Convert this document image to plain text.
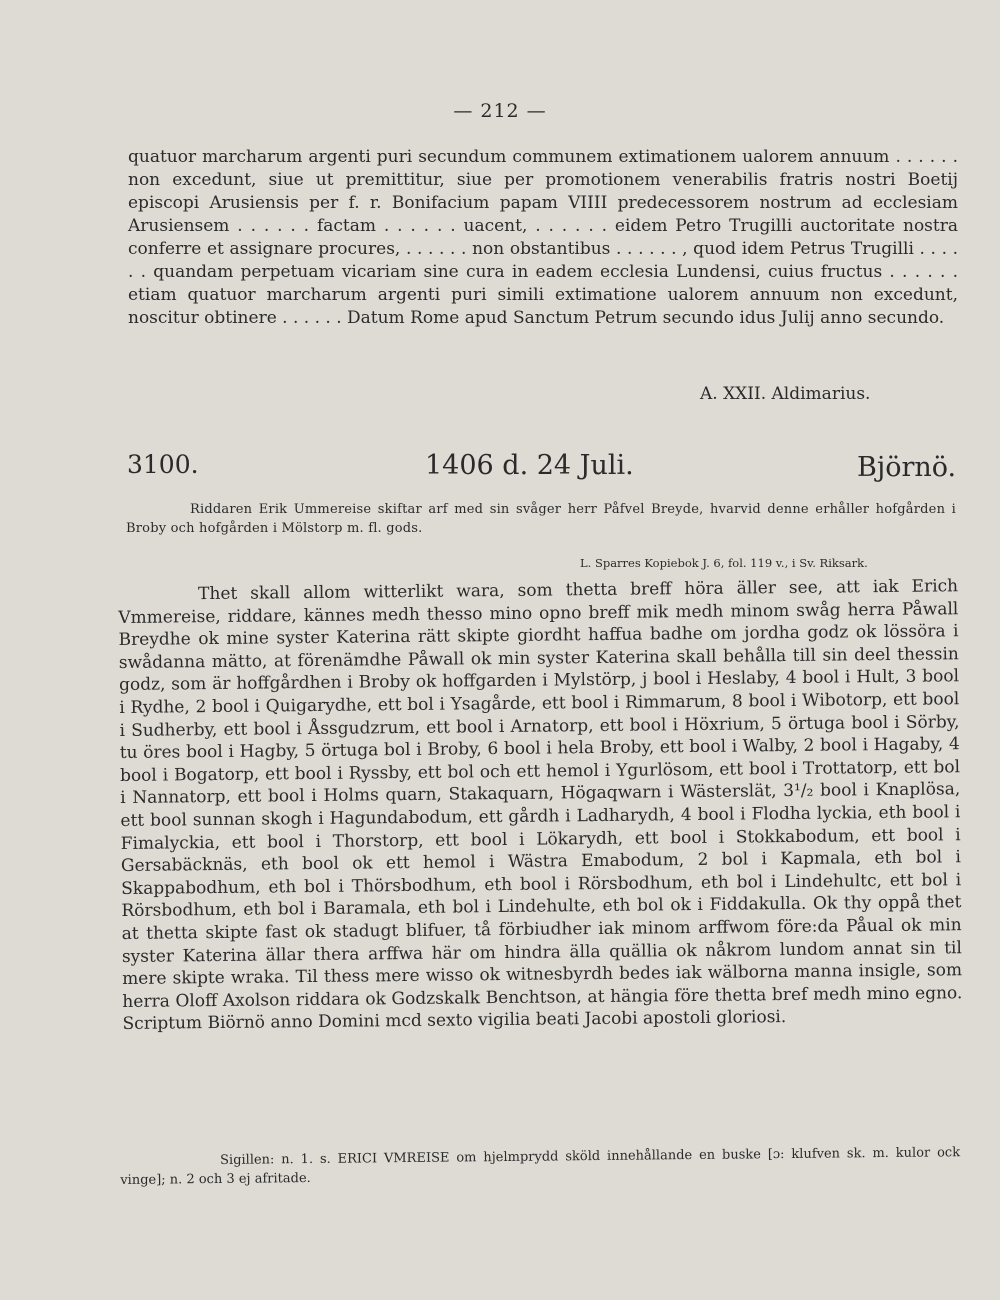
— 212 —

quatuor marcharum argenti puri secundum communem extimationem ualorem annuum . . . . . . non excedunt, siue ut premittitur, siue per promotionem venerabilis fratris nostri Boetij episcopi Arusiensis per f. r. Bonifacium papam VIIII predecessorem nostrum ad ecclesiam Arusiensem . . . . . . factam . . . . . . uacent, . . . . . . eidem Petro Trugilli auctoritate nostra conferre et assignare procures, . . . . . . non obstantibus . . . . . . , quod idem Petrus Trugilli . . . . . . quandam perpetuam vicariam sine cura in eadem ecclesia Lundensi, cuius fructus . . . . . . etiam quatuor marcharum argenti puri simili extimatione ualorem annuum non excedunt, noscitur obtinere . . . . . . Datum Rome apud Sanctum Petrum secundo idus Julij anno secundo.

A. XXII. Aldimarius.
3100.	1406 d. 24 Juli.	Björnö.
Riddaren Erik Ummereise skiftar arf med sin svåger herr Påfvel Breyde, hvarvid denne erhåller hofgården i Broby och hofgården i Mölstorp m. fl. gods.
L. Sparres Kopiebok J. 6, fol. 119 v., i Sv. Riksark.

Thet skall allom witterlikt wara, som thetta breff höra äller see, att iak Erich Vmmereise, riddare, kännes medh thesso mino opno breff mik medh minom swåg herra Påwall Breydhe ok mine syster Katerina rätt skipte giordht haffua badhe om jordha godz ok lössöra i swådanna mätto, at förenämdhe Påwall ok min syster Katerina skall behålla till sin deel thessin godz, som är hoffgårdhen i Broby ok hoffgarden i Mylstörp, j bool i Heslaby, 4 bool i Hult, 3 bool i Rydhe, 2 bool i Quigarydhe, ett bol i Ysagårde, ett bool i Rimmarum, 8 bool i Wibotorp, ett bool i Sudherby, ett bool i Åssgudzrum, ett bool i Arnatorp, ett bool i Höxrium, 5 örtuga bool i Sörby, tu öres bool i Hagby, 5 örtuga bol i Broby, 6 bool i hela Broby, ett bool i Walby, 2 bool i Hagaby, 4 bool i Bogatorp, ett bool i Ryssby, ett bol och ett hemol i Ygurlösom, ett bool i Trottatorp, ett bol i Nannatorp, ett bool i Holms quarn, Stakaquarn, Högaqwarn i Wästerslät, 3¹/₂ bool i Knaplösa, ett bool sunnan skogh i Hagundabodum, ett gårdh i Ladharydh, 4 bool i Flodha lyckia, eth bool i Fimalyckia, ett bool i Thorstorp, ett bool i Lökarydh, ett bool i Stokkabodum, ett bool i Gersabäcknäs, eth bool ok ett hemol i Wästra Emabodum, 2 bol i Kapmala, eth bol i Skappabodhum, eth bol i Thörsbodhum, eth bool i Rörsbodhum, eth bol i Lindehultc, ett bol i Rörsbodhum, eth bol i Baramala, eth bol i Lindehulte, eth bol ok i Fiddakulla. Ok thy oppå thet at thetta skipte fast ok stadugt blifuer, tå förbiudher iak minom arffwom före:da Påual ok min syster Katerina ällar thera arffwa här om hindra älla quällia ok nåkrom lundom annat sin til mere skipte wraka. Til thess mere wisso ok witnesbyrdh bedes iak wälborna manna insigle, som herra Oloff Axolson riddara ok Godzskalk Benchtson, at hängia före thetta bref medh mino egno. Scriptum Biörnö anno Domini mcd sexto vigilia beati Jacobi apostoli gloriosi.

Sigillen: n. 1. s. ERICI VMREISE om hjelmprydd sköld innehållande en buske [ɔ: klufven sk. m. kulor ock vinge]; n. 2 och 3 ej afritade.
